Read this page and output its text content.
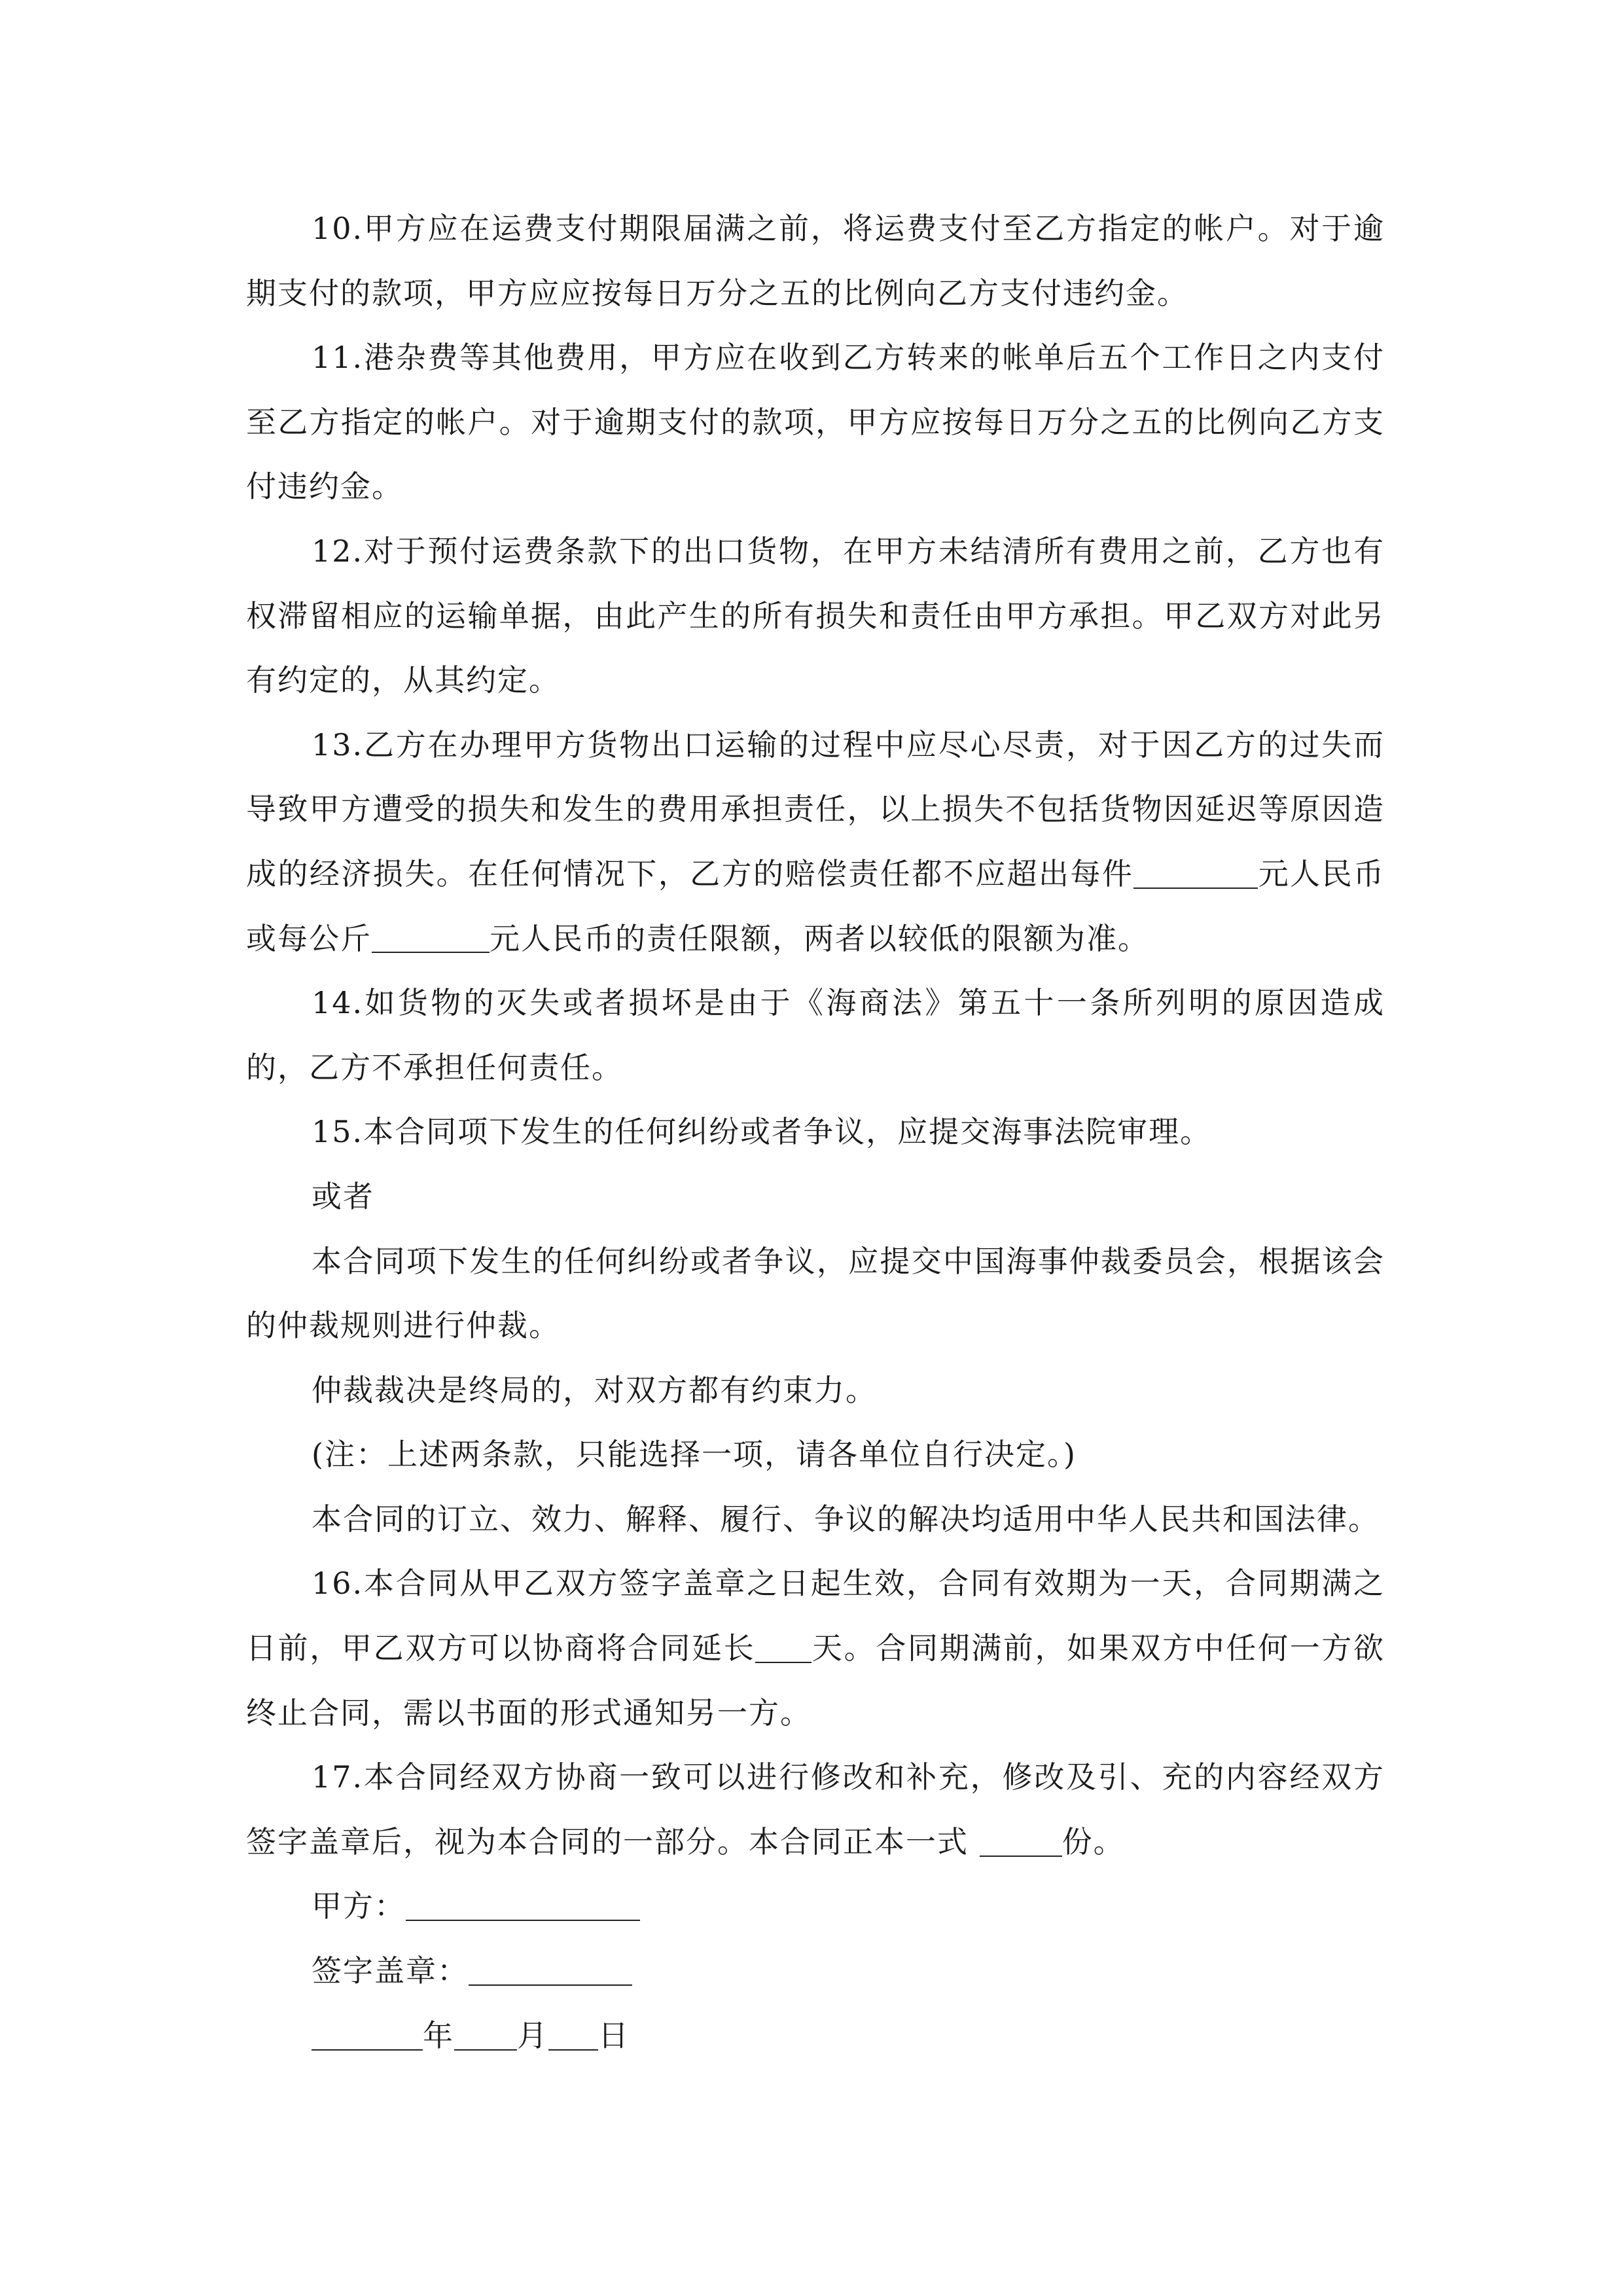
10.甲方应在运费支付期限届满之前，将运费支付至乙方指定的帐户。对于逾期支付的款项，甲方应应按每日万分之五的比例向乙方支付违约金。

11.港杂费等其他费用，甲方应在收到乙方转来的帐单后五个工作日之内支付至乙方指定的帐户。对于逾期支付的款项，甲方应按每日万分之五的比例向乙方支付违约金。

12.对于预付运费条款下的出口货物，在甲方未结清所有费用之前，乙方也有权滞留相应的运输单据，由此产生的所有损失和责任由甲方承担。甲乙双方对此另有约定的，从其约定。

13.乙方在办理甲方货物出口运输的过程中应尽心尽责，对于因乙方的过失而导致甲方遭受的损失和发生的费用承担责任，以上损失不包括货物因延迟等原因造成的经济损失。在任何情况下，乙方的赔偿责任都不应超出每件	元人民币或每公斤	元人民币的责任限额，两者以较低的限额为准。

14.如货物的灭失或者损坏是由于《海商法》第五十一条所列明的原因造成的，乙方不承担任何责任。

15.本合同项下发生的任何纠纷或者争议，应提交海事法院审理。

或者

本合同项下发生的任何纠纷或者争议，应提交中国海事仲裁委员会，根据该会的仲裁规则进行仲裁。

仲裁裁决是终局的，对双方都有约束力。

(注：上述两条款，只能选择一项，请各单位自行决定。)

本合同的订立、效力、解释、履行、争议的解决均适用中华人民共和国法律。

16.本合同从甲乙双方签字盖章之日起生效，合同有效期为一天，合同期满之日前，甲乙双方可以协商将合同延长 天。合同期满前，如果双方中任何一方欲终止合同，需以书面的形式通知另一方。

17.本合同经双方协商一致可以进行修改和补充，修改及引、充的内容经双方签字盖章后，视为本合同的一部分。本合同正本一式	份。

甲方：

签字盖章：

年 月 日
